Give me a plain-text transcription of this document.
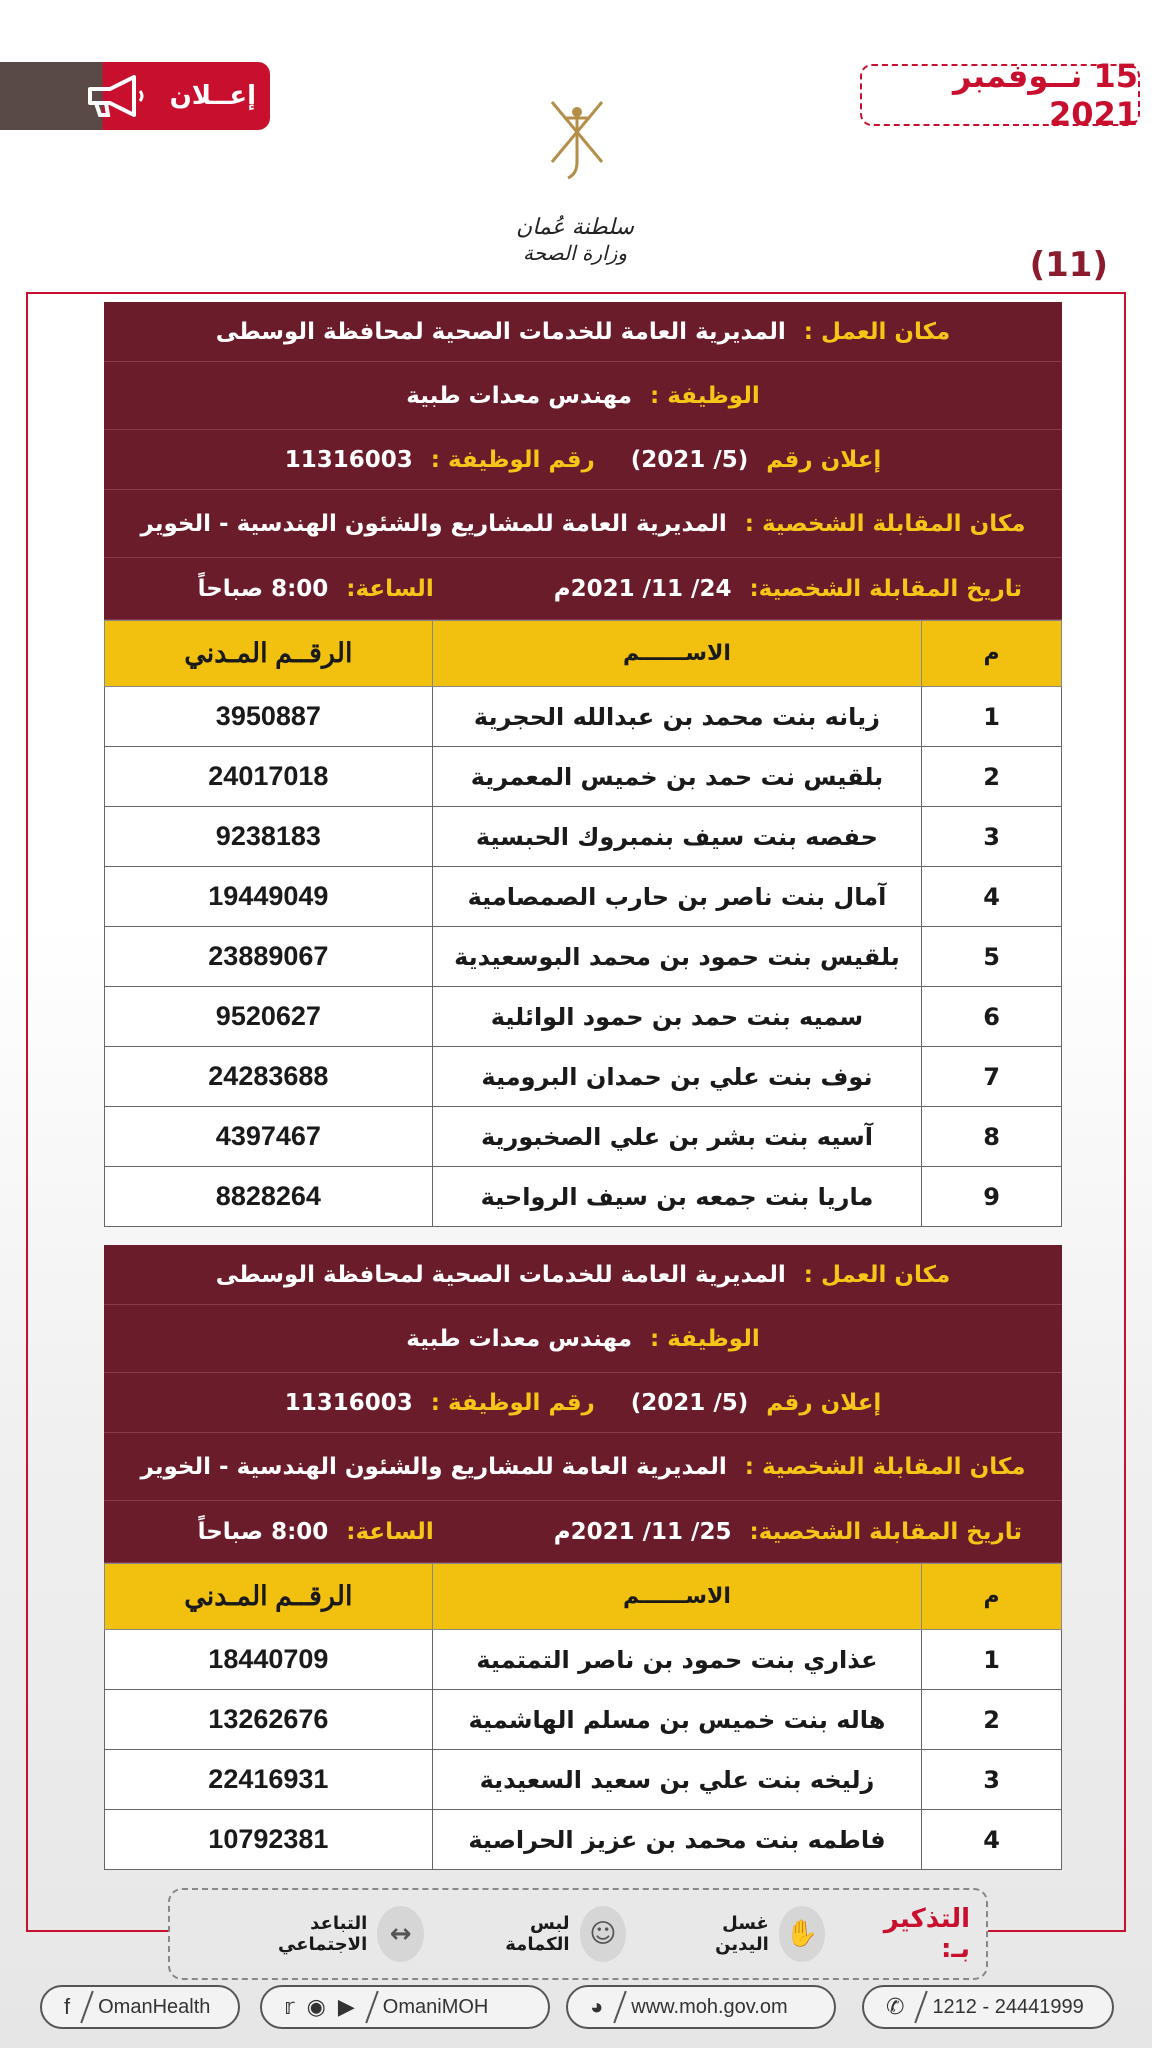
إعــلان
15 نــوفمبر 2021
سلطنة عُمان
وزارة الصحة	(11)
مكان العمل :
المديرية العامة للخدمات الصحية لمحافظة الوسطى
الوظيفة :
مهندس معدات طبية
إعلان رقم
(5/ 2021)
رقم الوظيفة :
11316003
مكان المقابلة الشخصية :
المديرية العامة للمشاريع والشئون الهندسية - الخوير
تاريخ المقابلة الشخصية:
24/ 11/ 2021م
الساعة:
8:00 صباحاً
م	الاســــــم	الرقــم المـدني
1	زيانه بنت محمد بن عبدالله الحجرية	3950887
2	بلقيس نت حمد بن خميس المعمرية	24017018
3	حفصه بنت سيف بنمبروك الحبسية	9238183
4	آمال بنت ناصر بن حارب الصمصامية	19449049
5	بلقيس بنت حمود بن محمد البوسعيدية	23889067
6	سميه بنت حمد بن حمود الوائلية	9520627
7	نوف بنت علي بن حمدان البرومية	24283688
8	آسيه بنت بشر بن علي الصخبورية	4397467
9	ماريا بنت جمعه بن سيف الرواحية	8828264
مكان العمل :
المديرية العامة للخدمات الصحية لمحافظة الوسطى
الوظيفة :
مهندس معدات طبية
إعلان رقم
(5/ 2021)
رقم الوظيفة :
11316003
مكان المقابلة الشخصية :
المديرية العامة للمشاريع والشئون الهندسية - الخوير
تاريخ المقابلة الشخصية:
25/ 11/ 2021م
الساعة:
8:00 صباحاً
م	الاســــــم	الرقــم المـدني
1	عذاري بنت حمود بن ناصر التمتمية	18440709
2	هاله بنت خميس بن مسلم الهاشمية	13262676
3	زليخه بنت علي بن سعيد السعيدية	22416931
4	فاطمه بنت محمد بن عزيز الحراصية	10792381
التذكير بـ:
✋
غسل اليدين
☺
لبس الكمامة
↔
التباعد الاجتماعي
f OmanHealth	𝕣 ◉ ▶ OmaniMOH	◕ www.moh.gov.om	✆ 1212 - 24441999
